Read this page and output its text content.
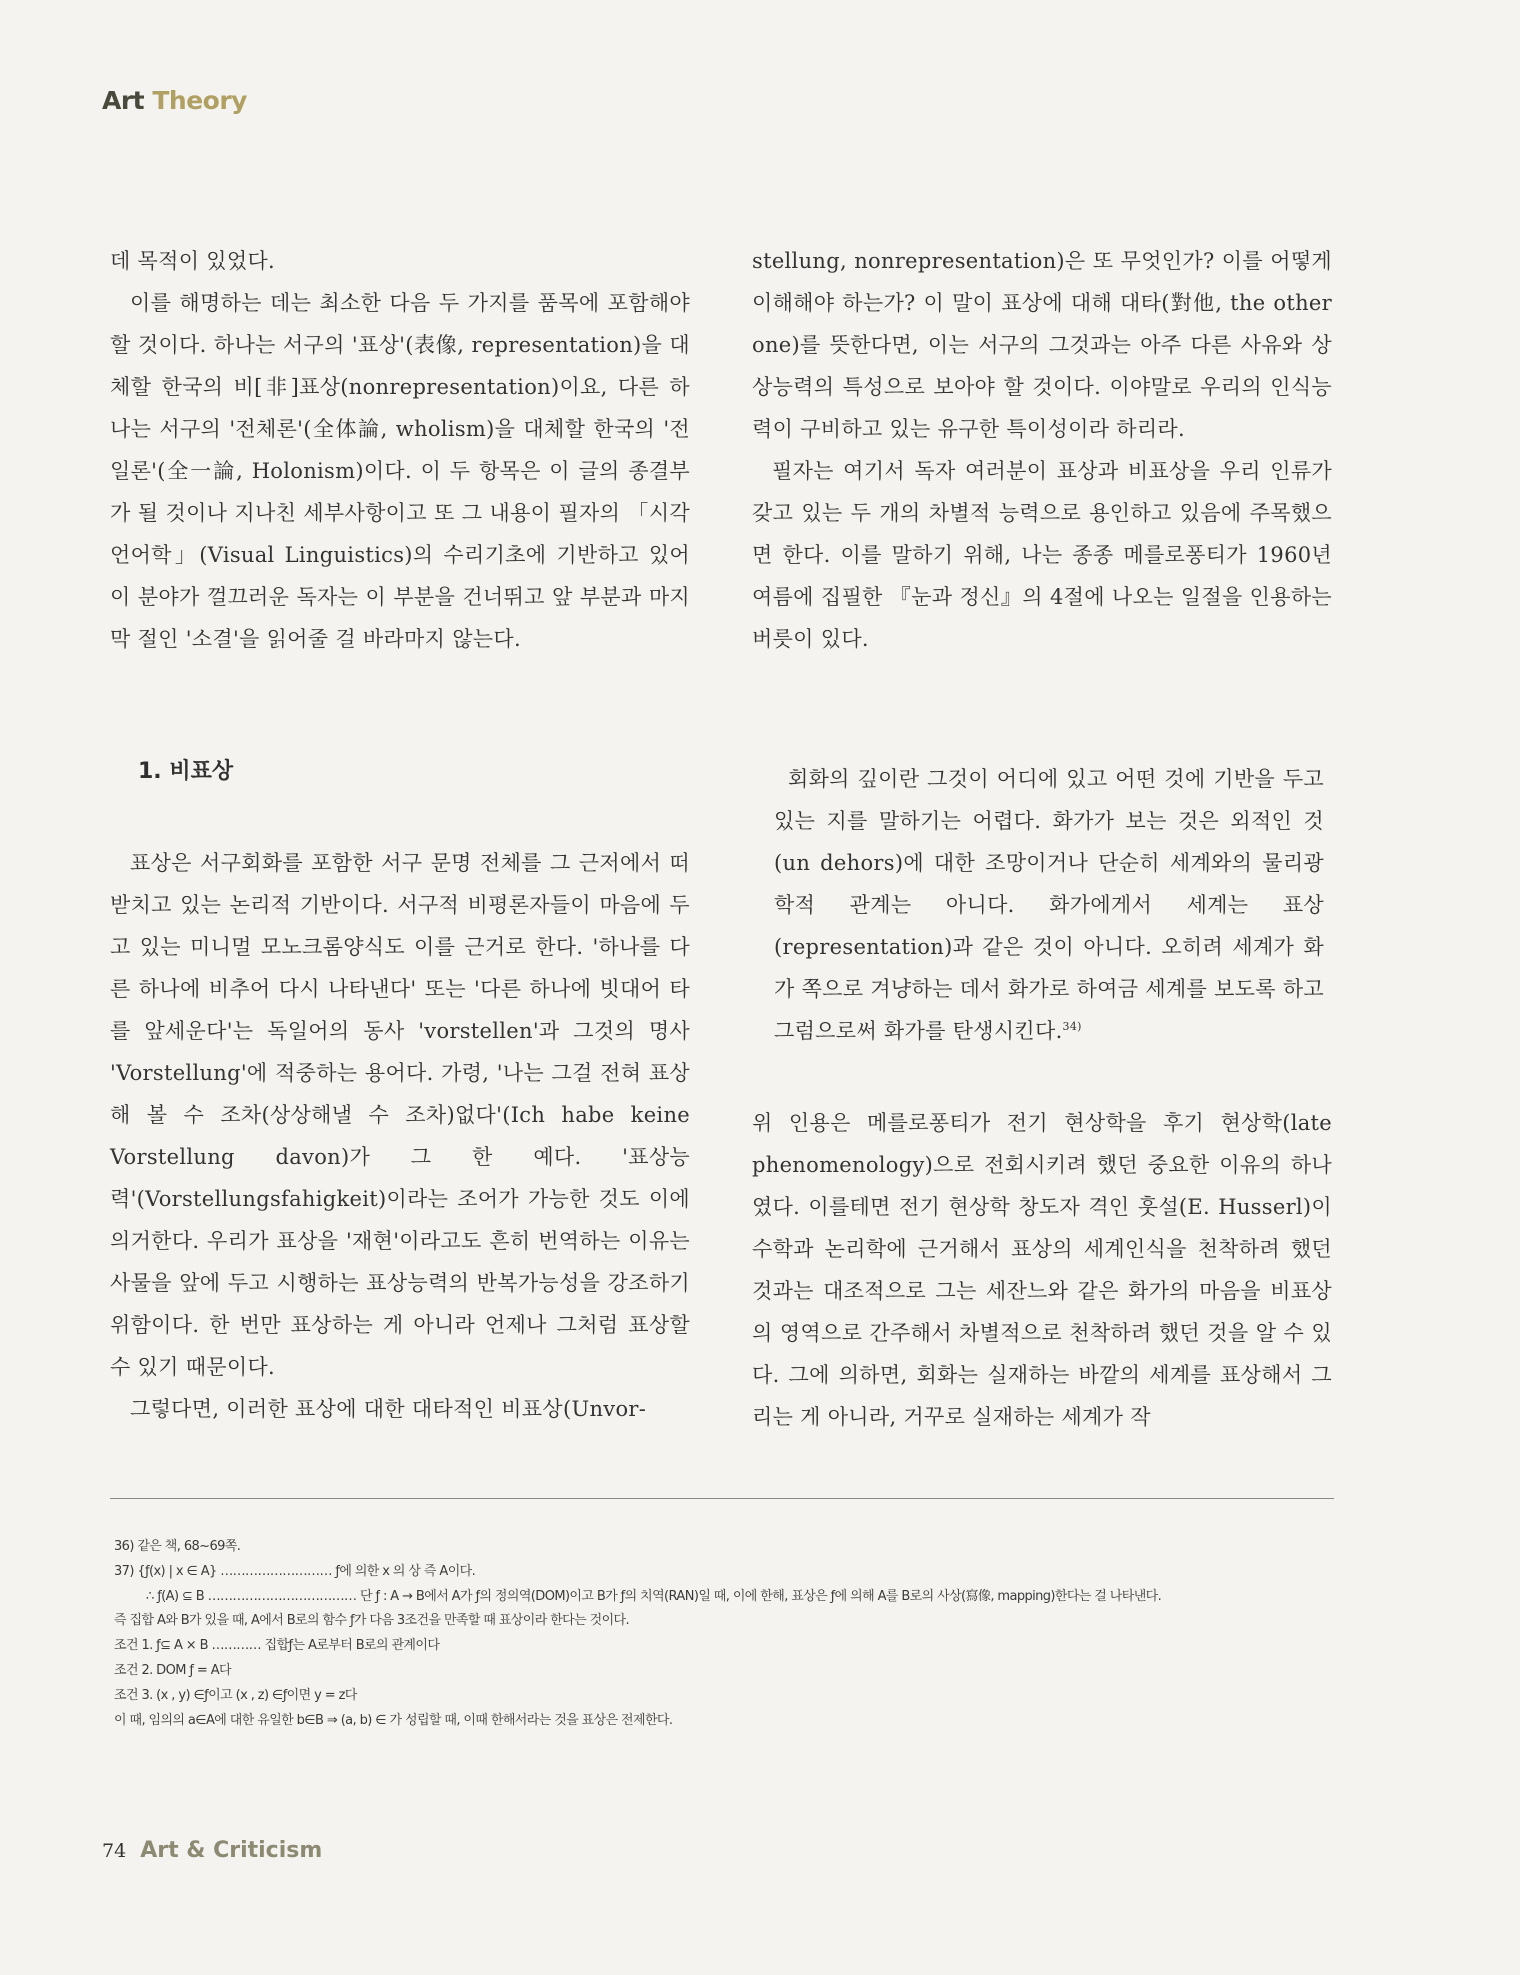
Art Theory

데 목적이 있었다.

이를 해명하는 데는 최소한 다음 두 가지를 품목에 포함해야 할 것이다. 하나는 서구의 '표상'(表像, representation)을 대체할 한국의 비[非]표상(nonrepresentation)이요, 다른 하나는 서구의 '전체론'(全体論, wholism)을 대체할 한국의 '전일론'(全一論, Holonism)이다. 이 두 항목은 이 글의 종결부가 될 것이나 지나친 세부사항이고 또 그 내용이 필자의 「시각언어학」(Visual Linguistics)의 수리기초에 기반하고 있어 이 분야가 껄끄러운 독자는 이 부분을 건너뛰고 앞 부분과 마지막 절인 '소결'을 읽어줄 걸 바라마지 않는다.

stellung, nonrepresentation)은 또 무엇인가? 이를 어떻게 이해해야 하는가? 이 말이 표상에 대해 대타(對他, the other one)를 뜻한다면, 이는 서구의 그것과는 아주 다른 사유와 상상능력의 특성으로 보아야 할 것이다. 이야말로 우리의 인식능력이 구비하고 있는 유구한 특이성이라 하리라.

필자는 여기서 독자 여러분이 표상과 비표상을 우리 인류가 갖고 있는 두 개의 차별적 능력으로 용인하고 있음에 주목했으면 한다. 이를 말하기 위해, 나는 종종 메를로퐁티가 1960년 여름에 집필한 『눈과 정신』의 4절에 나오는 일절을 인용하는 버릇이 있다.

1. 비표상

표상은 서구회화를 포함한 서구 문명 전체를 그 근저에서 떠받치고 있는 논리적 기반이다. 서구적 비평론자들이 마음에 두고 있는 미니멀 모노크롬양식도 이를 근거로 한다. '하나를 다른 하나에 비추어 다시 나타낸다' 또는 '다른 하나에 빗대어 타를 앞세운다'는 독일어의 동사 'vorstellen'과 그것의 명사 'Vorstellung'에 적중하는 용어다. 가령, '나는 그걸 전혀 표상해 볼 수 조차(상상해낼 수 조차)없다'(Ich habe keine Vorstellung davon)가 그 한 예다. '표상능력'(Vorstellungsfahigkeit)이라는 조어가 가능한 것도 이에 의거한다. 우리가 표상을 '재현'이라고도 흔히 번역하는 이유는 사물을 앞에 두고 시행하는 표상능력의 반복가능성을 강조하기 위함이다. 한 번만 표상하는 게 아니라 언제나 그처럼 표상할 수 있기 때문이다.

그렇다면, 이러한 표상에 대한 대타적인 비표상(Unvor-

회화의 깊이란 그것이 어디에 있고 어떤 것에 기반을 두고 있는 지를 말하기는 어렵다. 화가가 보는 것은 외적인 것(un dehors)에 대한 조망이거나 단순히 세계와의 물리광학적 관계는 아니다. 화가에게서 세계는 표상(representation)과 같은 것이 아니다. 오히려 세계가 화가 쪽으로 겨냥하는 데서 화가로 하여금 세계를 보도록 하고 그럼으로써 화가를 탄생시킨다.$^{34)}$

위 인용은 메를로퐁티가 전기 현상학을 후기 현상학(late phenomenology)으로 전회시키려 했던 중요한 이유의 하나였다. 이를테면 전기 현상학 창도자 격인 훗설(E. Husserl)이 수학과 논리학에 근거해서 표상의 세계인식을 천착하려 했던 것과는 대조적으로 그는 세잔느와 같은 화가의 마음을 비표상의 영역으로 간주해서 차별적으로 천착하려 했던 것을 알 수 있다. 그에 의하면, 회화는 실재하는 바깥의 세계를 표상해서 그리는 게 아니라, 거꾸로 실재하는 세계가 작

36) 같은 책, 68~69쪽.
37) {ƒ(x) | x ∈ A} ……………………… ƒ에 의한 x 의 상 즉 A이다.
∴ ƒ(A) ⊆ B ……………………………… 단 ƒ : A → B에서 A가 ƒ의 정의역(DOM)이고 B가 ƒ의 치역(RAN)일 때, 이에 한해, 표상은 ƒ에 의해 A를 B로의 사상(寫像, mapping)한다는 걸 나타낸다.
즉 집합 A와 B가 있을 때, A에서 B로의 함수 ƒ가 다음 3조건을 만족할 때 표상이라 한다는 것이다.
조건 1. ƒ⊆ A × B ………… 집합ƒ는 A로부터 B로의 관계이다
조건 2. DOM ƒ = A다
조건 3. (x , y) ∈ƒ이고 (x , z) ∈ƒ이면 y = z다
이 때, 임의의 a∈A에 대한 유일한 b∈B ⇒ (a, b) ∈ 가 성립할 때, 이때 한해서라는 것을 표상은 전제한다.
74 Art & Criticism
